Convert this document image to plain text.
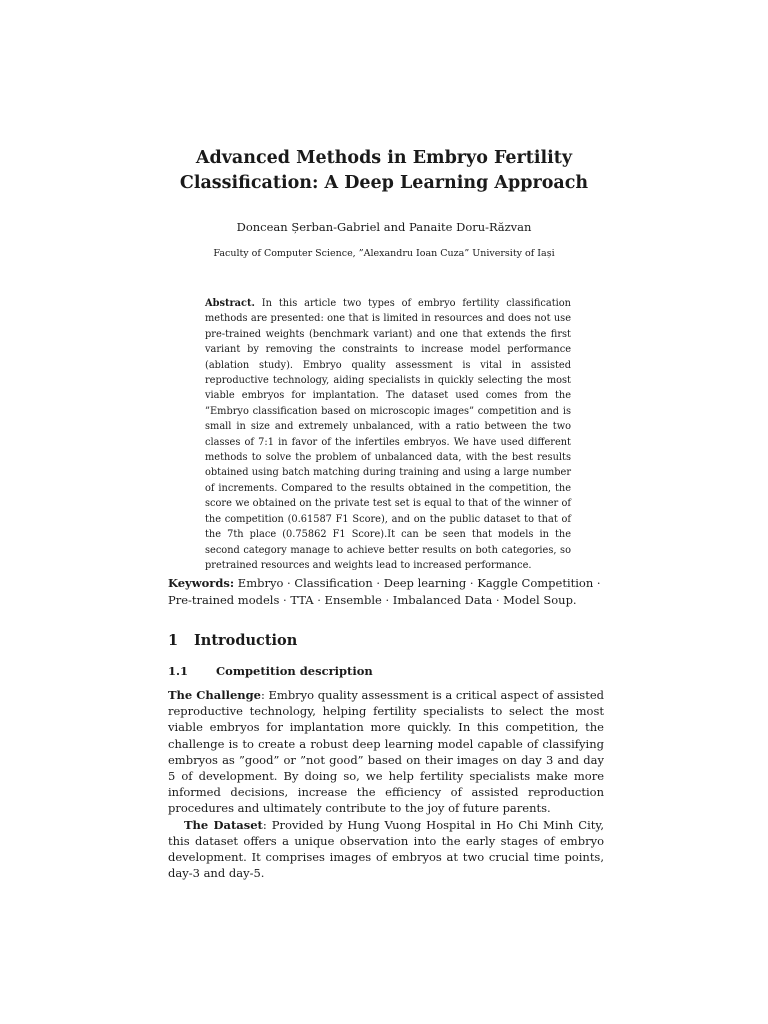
Advanced Methods in Embryo Fertility
Classification: A Deep Learning Approach
Doncean Șerban-Gabriel and Panaite Doru-Răzvan
Faculty of Computer Science, ”Alexandru Ioan Cuza” University of Iași
Abstract. In this article two types of embryo fertility classification methods are presented: one that is limited in resources and does not use pre-trained weights (benchmark variant) and one that extends the first variant by removing the constraints to increase model performance (ablation study). Embryo quality assessment is vital in assisted reproductive technology, aiding specialists in quickly selecting the most viable embryos for implantation. The dataset used comes from the ”Embryo classification based on microscopic images” competition and is small in size and extremely unbalanced, with a ratio between the two classes of 7:1 in favor of the infertiles embryos. We have used different methods to solve the problem of unbalanced data, with the best results obtained using batch matching during training and using a large number of increments. Compared to the results obtained in the competition, the score we obtained on the private test set is equal to that of the winner of the competition (0.61587 F1 Score), and on the public dataset to that of the 7th place (0.75862 F1 Score).It can be seen that models in the second category manage to achieve better results on both categories, so pretrained resources and weights lead to increased performance.
Keywords: Embryo · Classification · Deep learning · Kaggle Competition · Pre-trained models · TTA · Ensemble · Imbalanced Data · Model Soup.
1 Introduction
1.1 Competition description

The Challenge: Embryo quality assessment is a critical aspect of assisted reproductive technology, helping fertility specialists to select the most viable embryos for implantation more quickly. In this competition, the challenge is to create a robust deep learning model capable of classifying embryos as ”good” or ”not good” based on their images on day 3 and day 5 of development. By doing so, we help fertility specialists make more informed decisions, increase the efficiency of assisted reproduction procedures and ultimately contribute to the joy of future parents.

The Dataset: Provided by Hung Vuong Hospital in Ho Chi Minh City, this dataset offers a unique observation into the early stages of embryo development. It comprises images of embryos at two crucial time points, day-3 and day-5.
